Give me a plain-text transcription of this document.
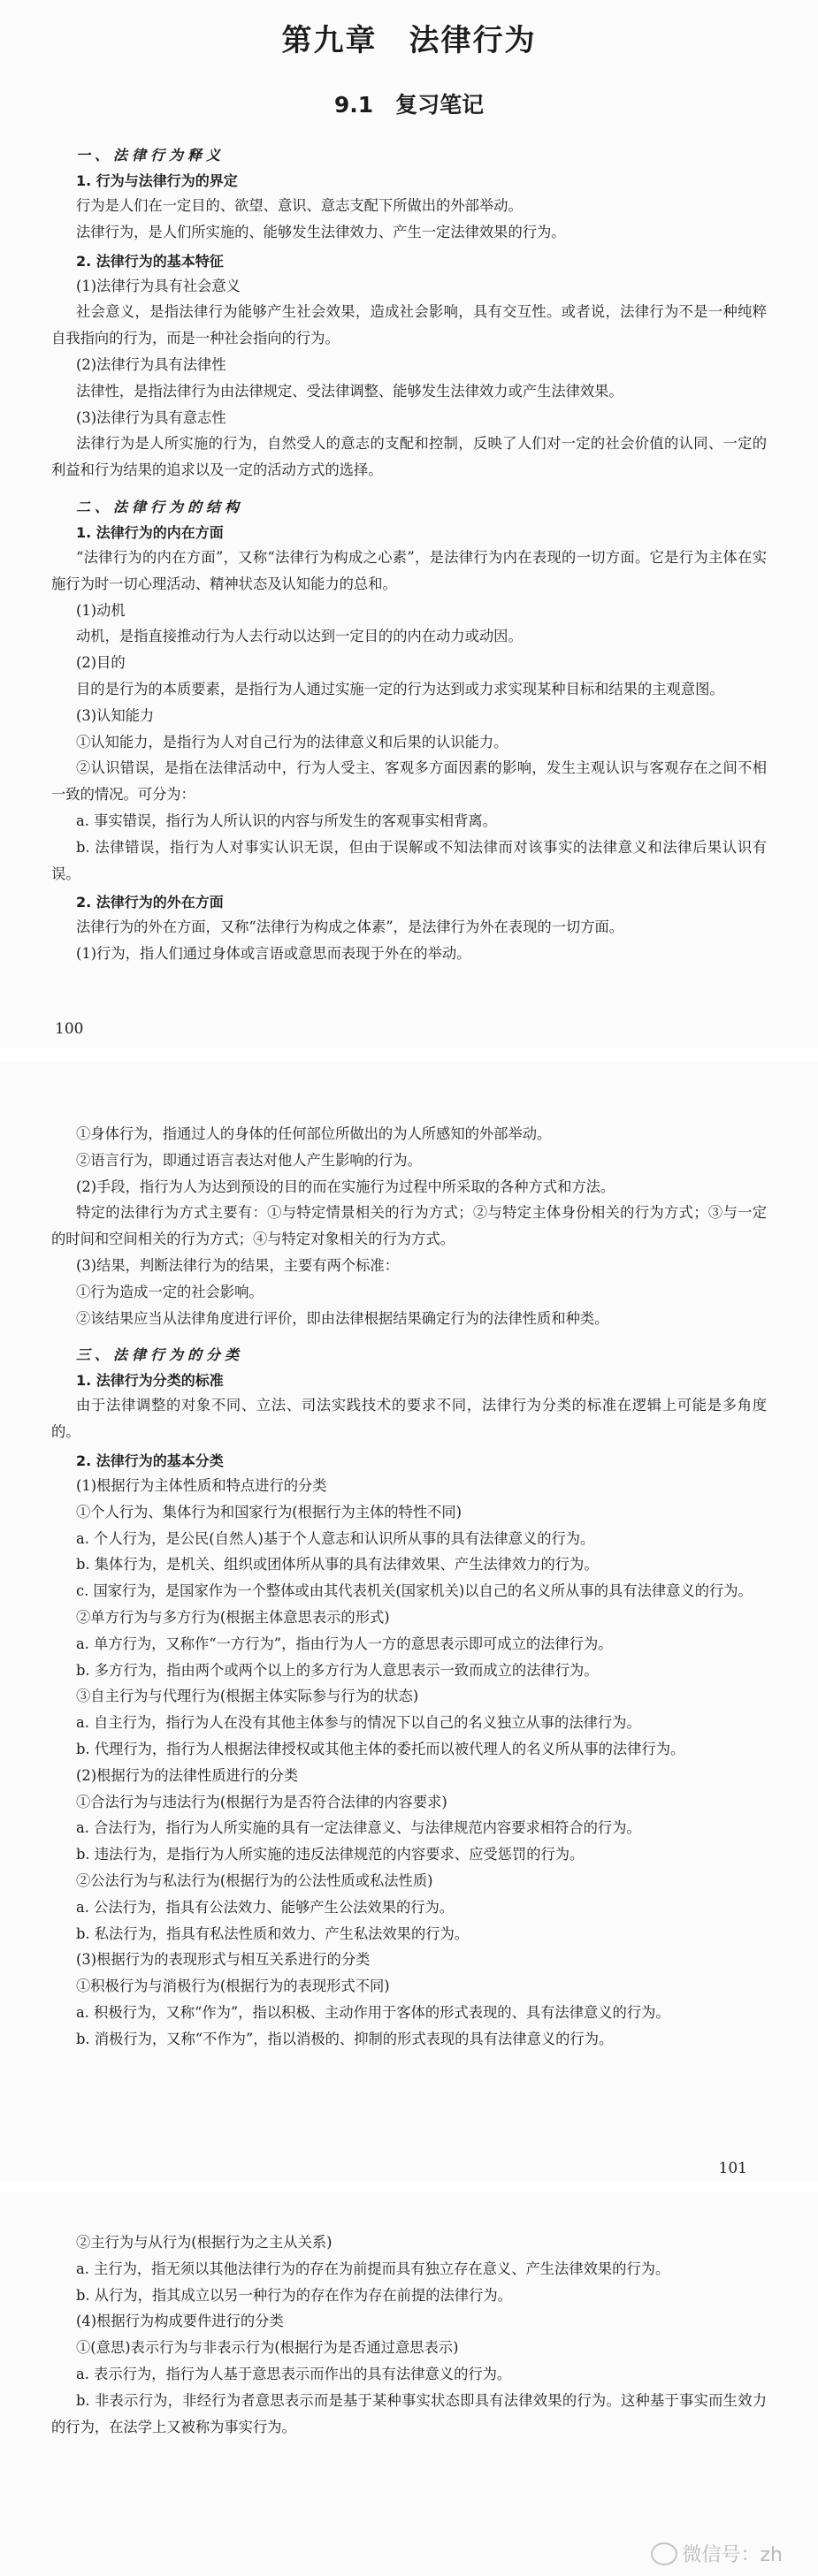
第九章　法律行为
9.1　复习笔记
一、法律行为释义
1. 行为与法律行为的界定
行为是人们在一定目的、欲望、意识、意志支配下所做出的外部举动。
法律行为，是人们所实施的、能够发生法律效力、产生一定法律效果的行为。
2. 法律行为的基本特征
(1)法律行为具有社会意义
社会意义，是指法律行为能够产生社会效果，造成社会影响，具有交互性。或者说，法律行为不是一种纯粹自我指向的行为，而是一种社会指向的行为。
(2)法律行为具有法律性
法律性，是指法律行为由法律规定、受法律调整、能够发生法律效力或产生法律效果。
(3)法律行为具有意志性
法律行为是人所实施的行为，自然受人的意志的支配和控制，反映了人们对一定的社会价值的认同、一定的利益和行为结果的追求以及一定的活动方式的选择。
二、法律行为的结构
1. 法律行为的内在方面
“法律行为的内在方面”，又称“法律行为构成之心素”，是法律行为内在表现的一切方面。它是行为主体在实施行为时一切心理活动、精神状态及认知能力的总和。
(1)动机
动机，是指直接推动行为人去行动以达到一定目的的内在动力或动因。
(2)目的
目的是行为的本质要素，是指行为人通过实施一定的行为达到或力求实现某种目标和结果的主观意图。
(3)认知能力
①认知能力，是指行为人对自己行为的法律意义和后果的认识能力。
②认识错误，是指在法律活动中，行为人受主、客观多方面因素的影响，发生主观认识与客观存在之间不相一致的情况。可分为：
a. 事实错误，指行为人所认识的内容与所发生的客观事实相背离。
b. 法律错误，指行为人对事实认识无误，但由于误解或不知法律而对该事实的法律意义和法律后果认识有误。
2. 法律行为的外在方面
法律行为的外在方面，又称“法律行为构成之体素”，是法律行为外在表现的一切方面。
(1)行为，指人们通过身体或言语或意思而表现于外在的举动。
100
①身体行为，指通过人的身体的任何部位所做出的为人所感知的外部举动。
②语言行为，即通过语言表达对他人产生影响的行为。
(2)手段，指行为人为达到预设的目的而在实施行为过程中所采取的各种方式和方法。
特定的法律行为方式主要有：①与特定情景相关的行为方式；②与特定主体身份相关的行为方式；③与一定的时间和空间相关的行为方式；④与特定对象相关的行为方式。
(3)结果，判断法律行为的结果，主要有两个标准：
①行为造成一定的社会影响。
②该结果应当从法律角度进行评价，即由法律根据结果确定行为的法律性质和种类。
三、法律行为的分类
1. 法律行为分类的标准
由于法律调整的对象不同、立法、司法实践技术的要求不同，法律行为分类的标准在逻辑上可能是多角度的。
2. 法律行为的基本分类
(1)根据行为主体性质和特点进行的分类
①个人行为、集体行为和国家行为(根据行为主体的特性不同)
a. 个人行为，是公民(自然人)基于个人意志和认识所从事的具有法律意义的行为。
b. 集体行为，是机关、组织或团体所从事的具有法律效果、产生法律效力的行为。
c. 国家行为，是国家作为一个整体或由其代表机关(国家机关)以自己的名义所从事的具有法律意义的行为。
②单方行为与多方行为(根据主体意思表示的形式)
a. 单方行为，又称作“一方行为”，指由行为人一方的意思表示即可成立的法律行为。
b. 多方行为，指由两个或两个以上的多方行为人意思表示一致而成立的法律行为。
③自主行为与代理行为(根据主体实际参与行为的状态)
a. 自主行为，指行为人在没有其他主体参与的情况下以自己的名义独立从事的法律行为。
b. 代理行为，指行为人根据法律授权或其他主体的委托而以被代理人的名义所从事的法律行为。
(2)根据行为的法律性质进行的分类
①合法行为与违法行为(根据行为是否符合法律的内容要求)
a. 合法行为，指行为人所实施的具有一定法律意义、与法律规范内容要求相符合的行为。
b. 违法行为，是指行为人所实施的违反法律规范的内容要求、应受惩罚的行为。
②公法行为与私法行为(根据行为的公法性质或私法性质)
a. 公法行为，指具有公法效力、能够产生公法效果的行为。
b. 私法行为，指具有私法性质和效力、产生私法效果的行为。
(3)根据行为的表现形式与相互关系进行的分类
①积极行为与消极行为(根据行为的表现形式不同)
a. 积极行为，又称“作为”，指以积极、主动作用于客体的形式表现的、具有法律意义的行为。
b. 消极行为，又称“不作为”，指以消极的、抑制的形式表现的具有法律意义的行为。
101
②主行为与从行为(根据行为之主从关系)
a. 主行为，指无须以其他法律行为的存在为前提而具有独立存在意义、产生法律效果的行为。
b. 从行为，指其成立以另一种行为的存在作为存在前提的法律行为。
(4)根据行为构成要件进行的分类
①(意思)表示行为与非表示行为(根据行为是否通过意思表示)
a. 表示行为，指行为人基于意思表示而作出的具有法律意义的行为。
b. 非表示行为，非经行为者意思表示而是基于某种事实状态即具有法律效果的行为。这种基于事实而生效力的行为，在法学上又被称为事实行为。
微信号：zh
